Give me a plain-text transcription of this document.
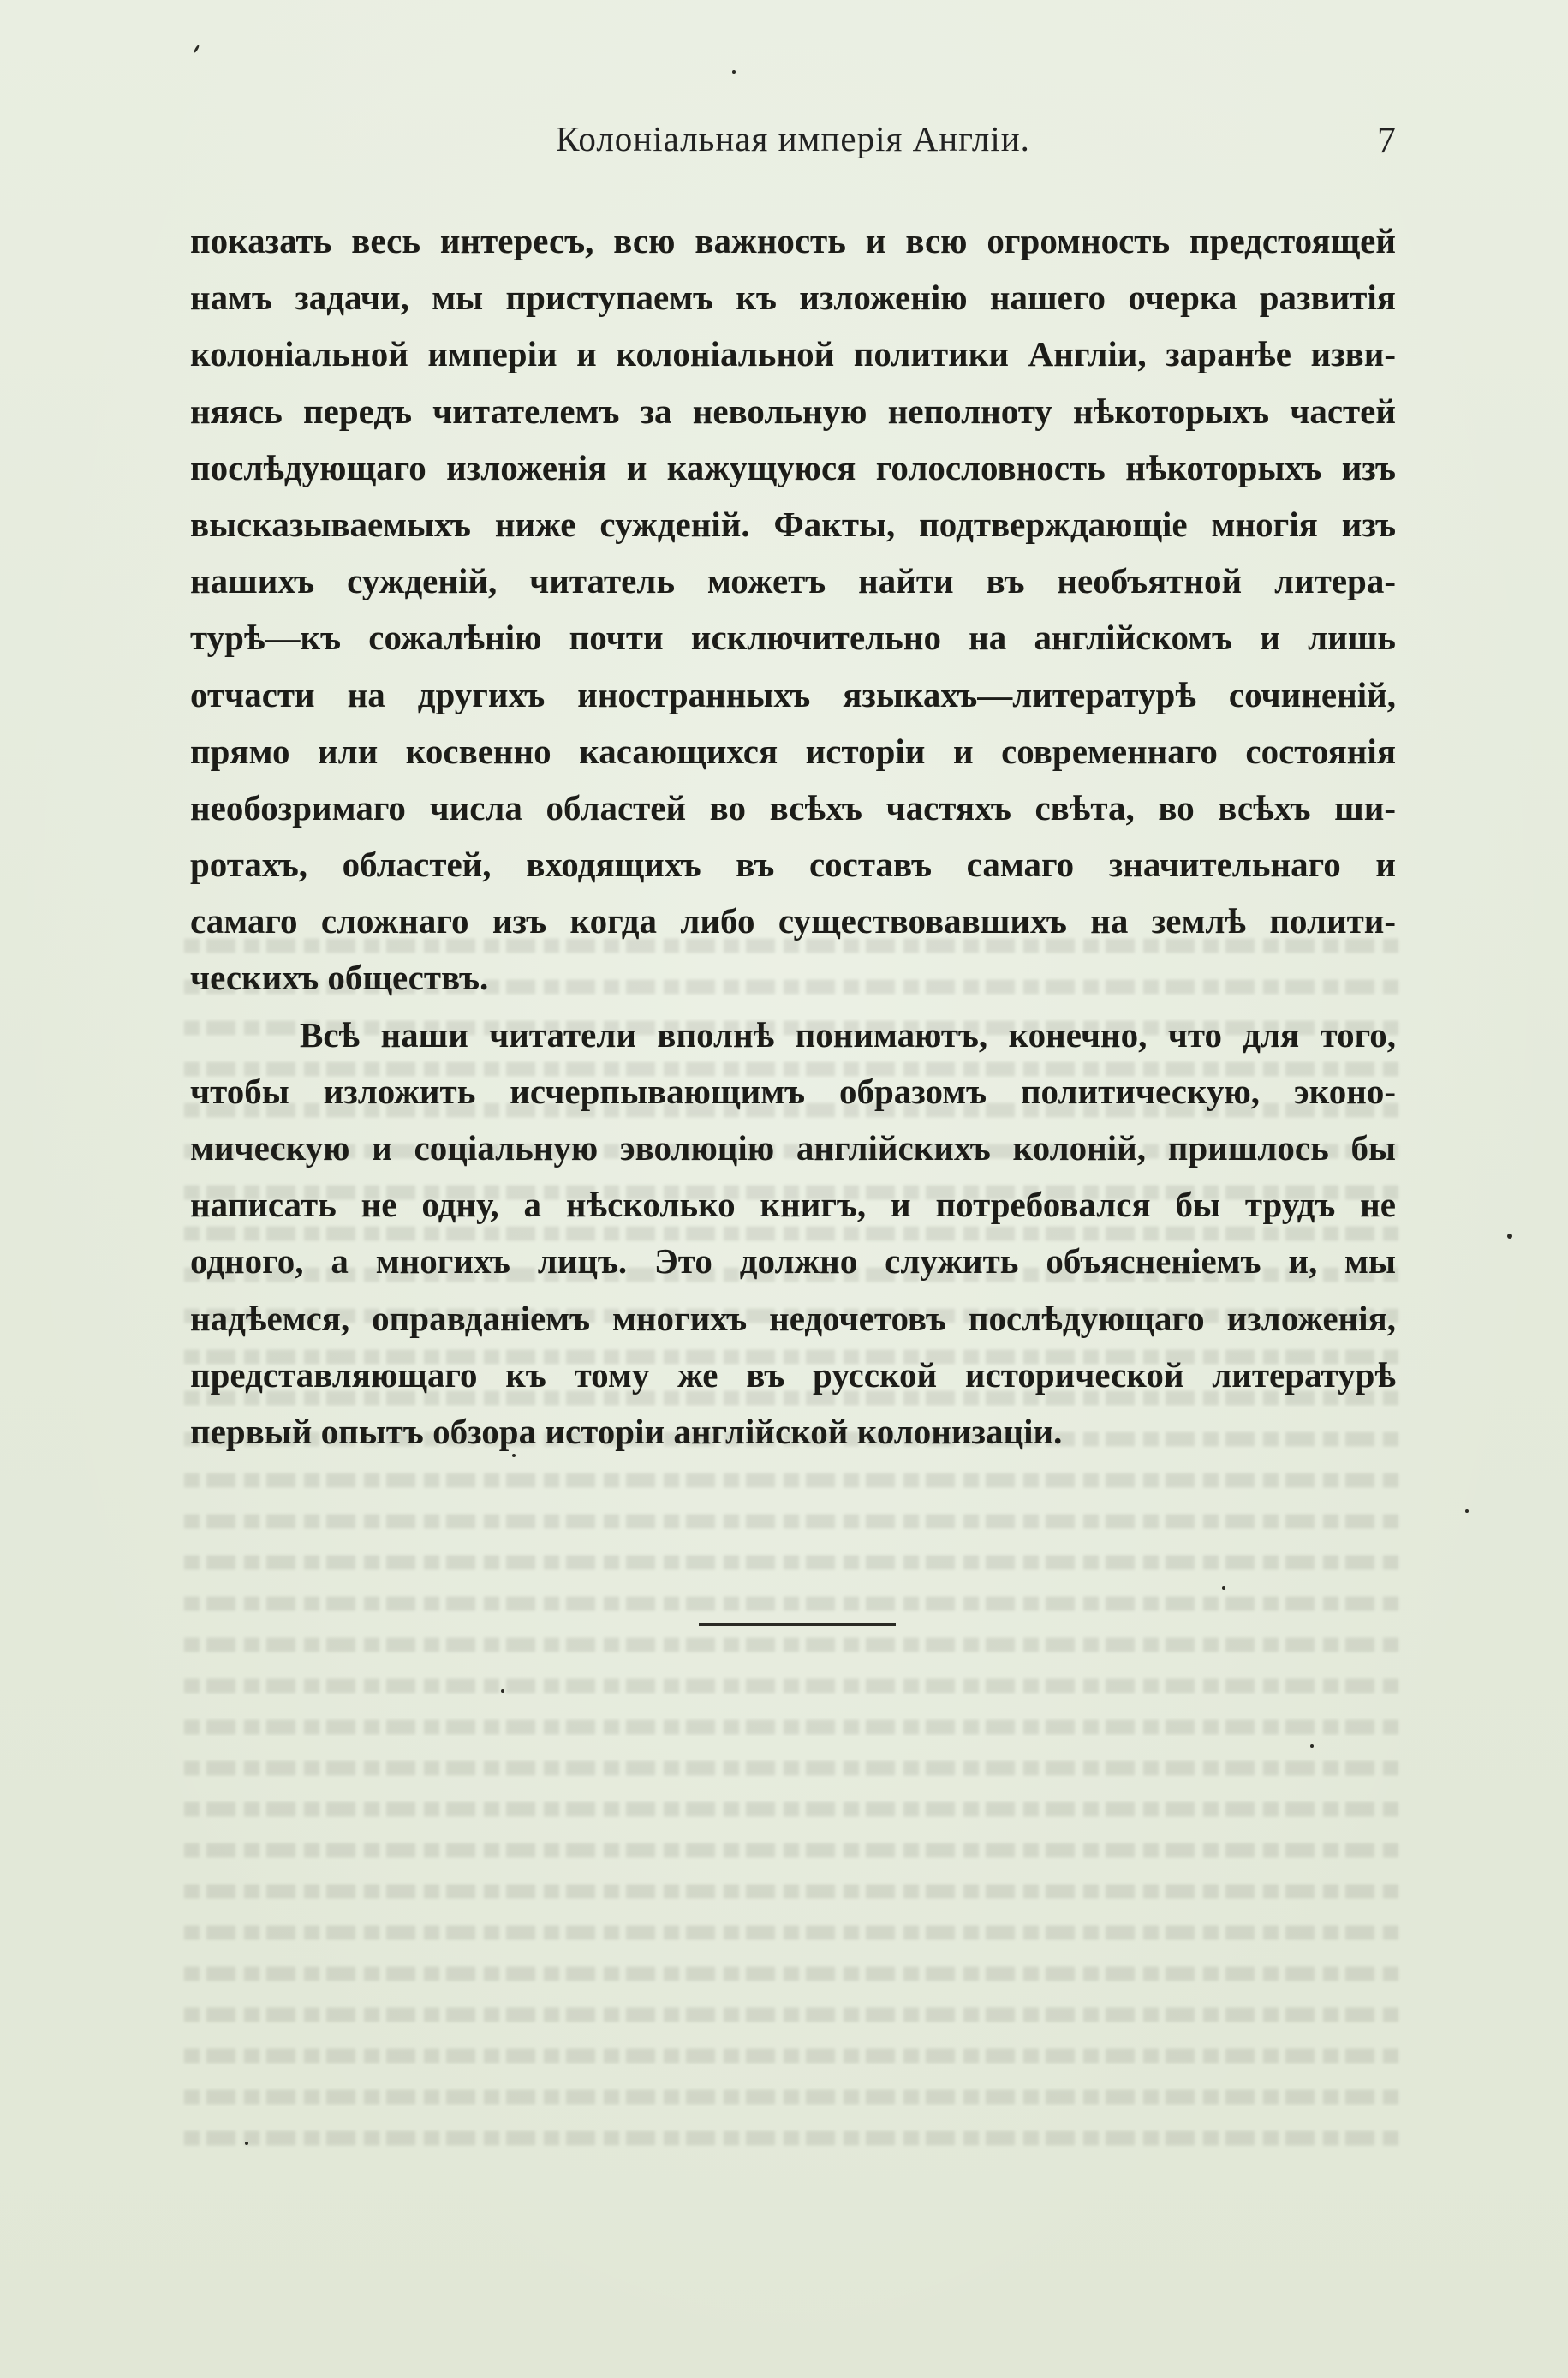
Колоніальная имперія Англіи.	7
показать весь интересъ, всю важность и всю огромность предстоящей
намъ задачи, мы приступаемъ къ изложенію нашего очерка развитія
колоніальной имперіи и колоніальной политики Англіи, заранѣе изви-
няясь передъ читателемъ за невольную неполноту нѣкоторыхъ частей
послѣдующаго изложенія и кажущуюся голословность нѣкоторыхъ изъ
высказываемыхъ ниже сужденій. Факты, подтверждающіе многія изъ
нашихъ сужденій, читатель можетъ найти въ необъятной литера-
турѣ—къ сожалѣнію почти исключительно на англійскомъ и лишь
отчасти на другихъ иностранныхъ языкахъ—литературѣ сочиненій,
прямо или косвенно касающихся исторіи и современнаго состоянія
необозримаго числа областей во всѣхъ частяхъ свѣта, во всѣхъ ши-
ротахъ, областей, входящихъ въ составъ самаго значительнаго и
самаго сложнаго изъ когда либо существовавшихъ на землѣ полити-
ческихъ обществъ.
Всѣ наши читатели вполнѣ понимаютъ, конечно, что для того,
чтобы изложить исчерпывающимъ образомъ политическую, эконо-
мическую и соціальную эволюцію англійскихъ колоній, пришлось бы
написать не одну, а нѣсколько книгъ, и потребовался бы трудъ не
одного, а многихъ лицъ. Это должно служить объясненіемъ и, мы
надѣемся, оправданіемъ многихъ недочетовъ послѣдующаго изложенія,
представляющаго къ тому же въ русской исторической литературѣ
первый опытъ обзора исторіи англійской колонизаціи.
